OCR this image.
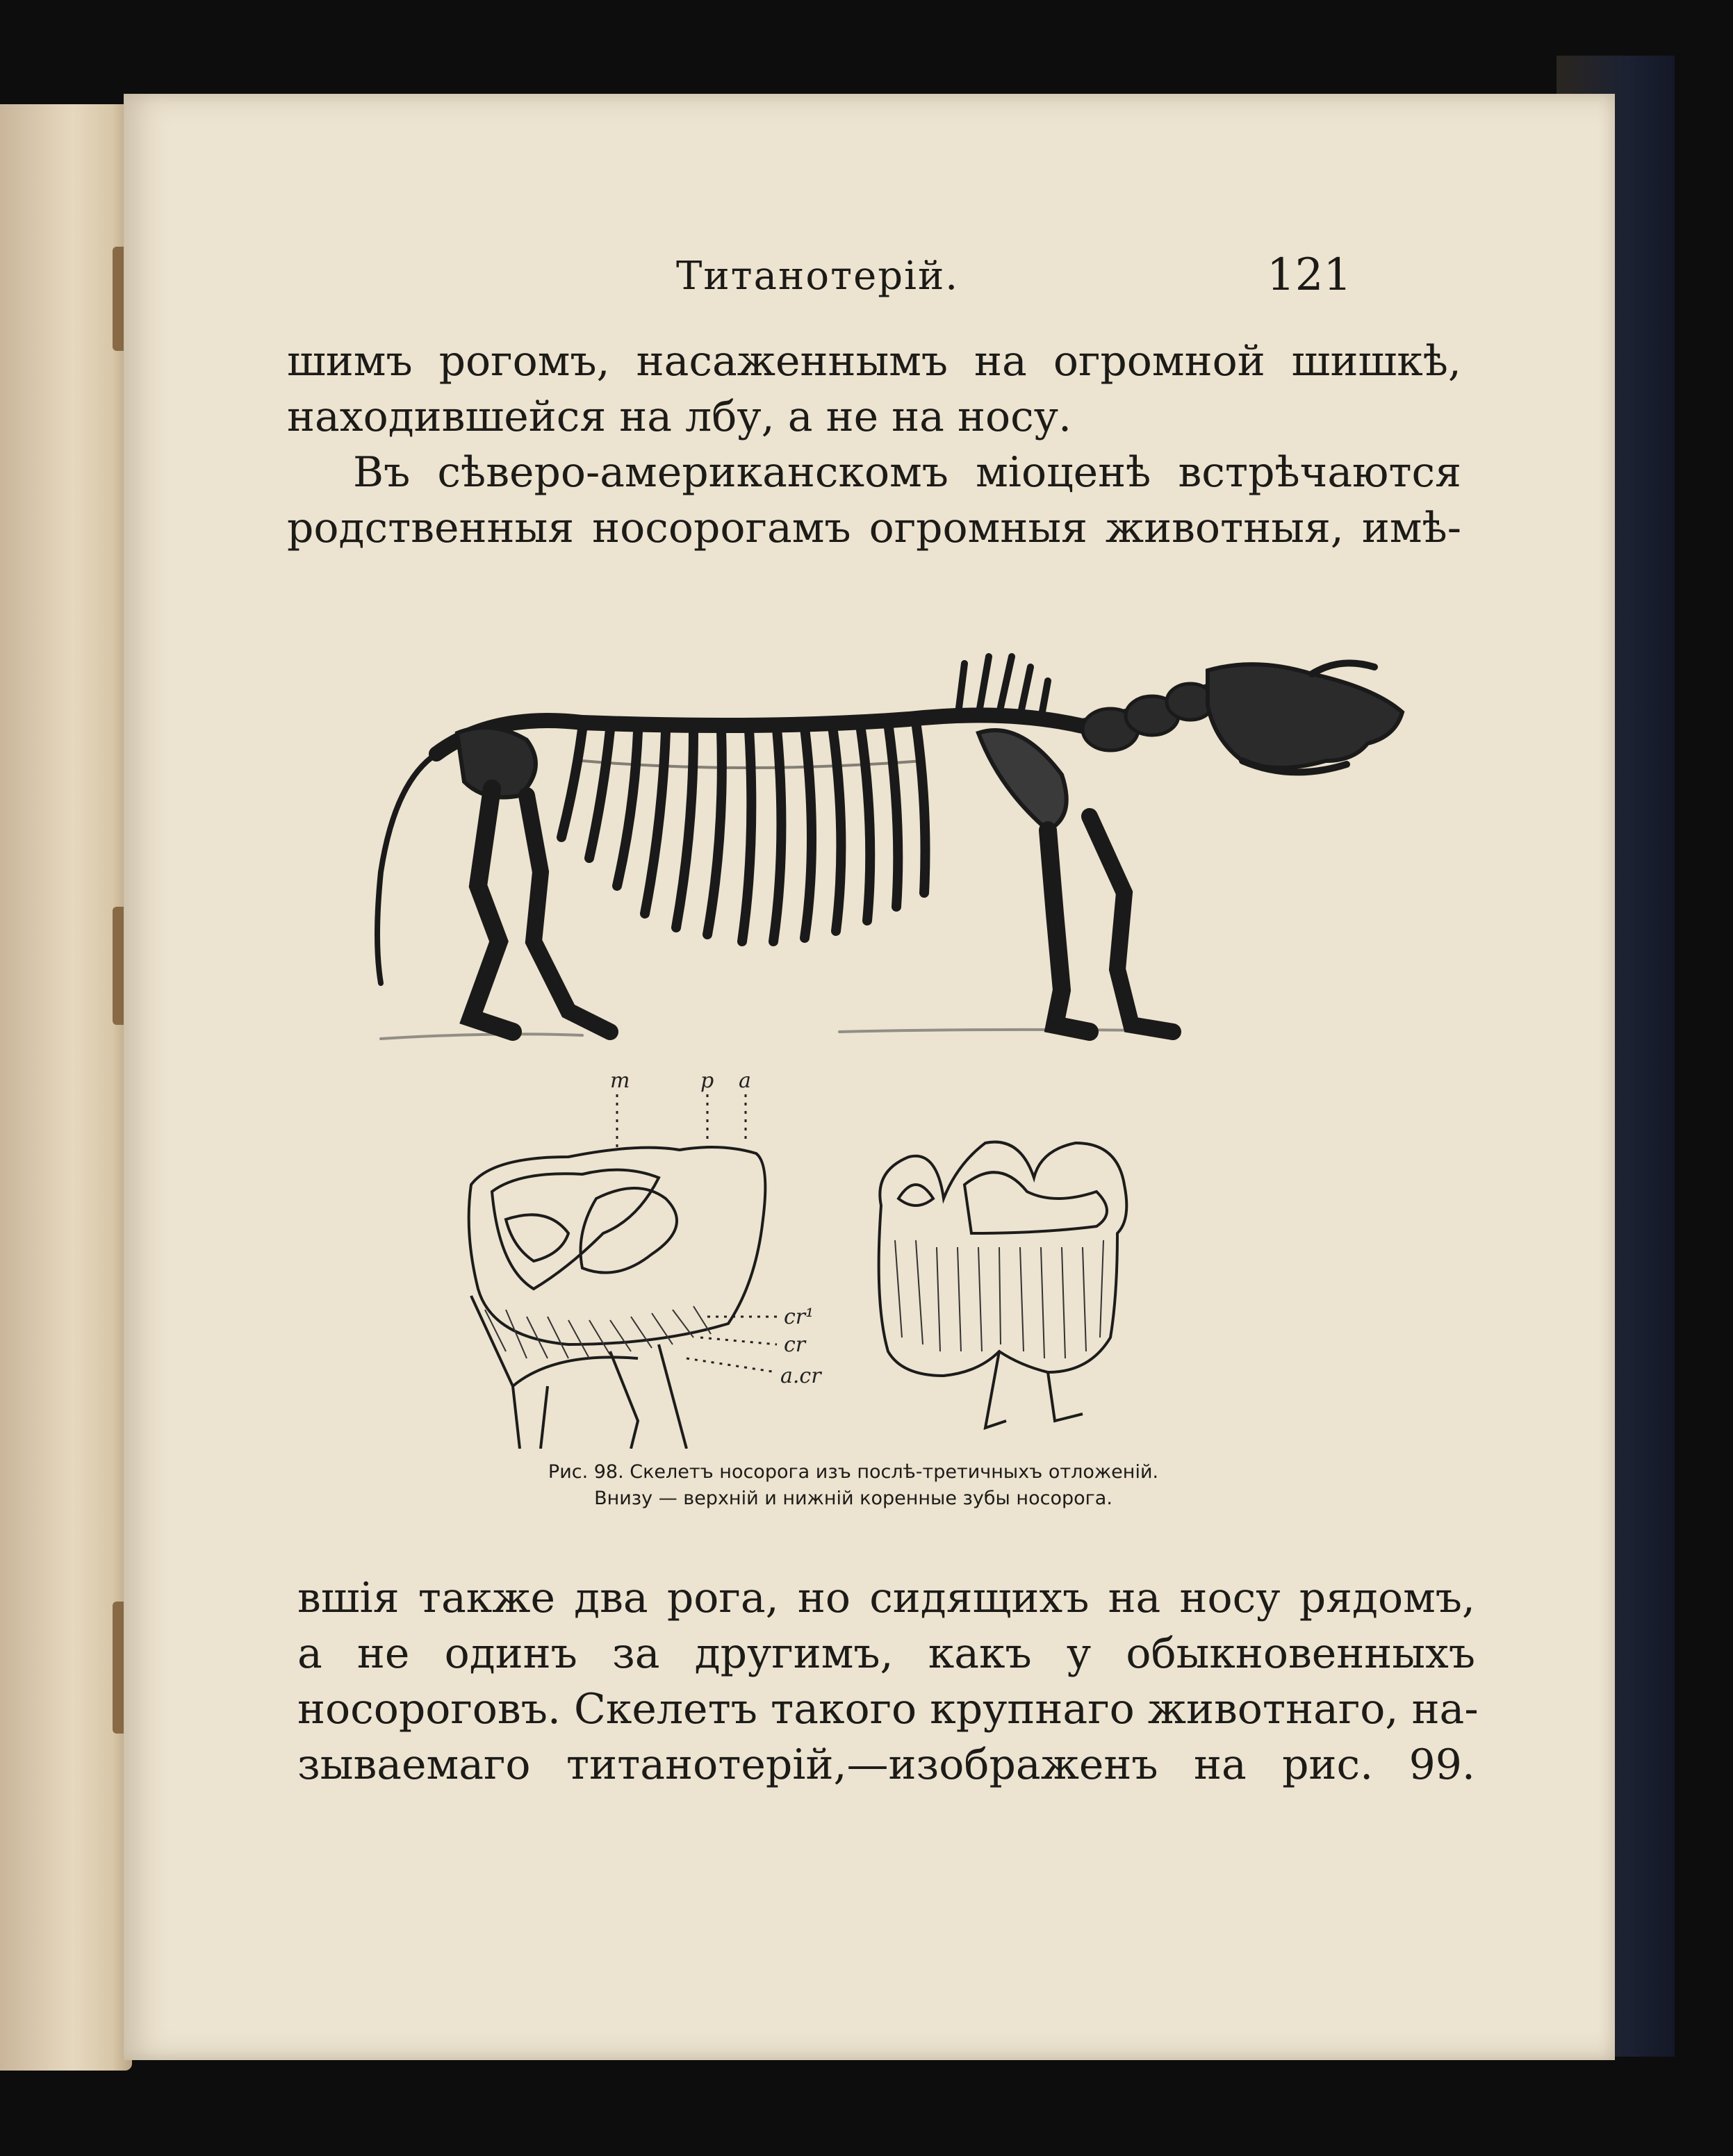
Титанотерій.	121
шимъ рогомъ, насаженнымъ на огромной шишкѣ,
находившейся на лбу, а не на носу.
Въ сѣверо-американскомъ міоценѣ встрѣчаются
родственныя носорогамъ огромныя животныя, имѣ-
m	p a
cr¹
cr
a.cr
Рис. 98. Скелетъ носорога изъ послѣ-третичныхъ отложеній.
Внизу — верхній и нижній коренные зубы носорога.
вшія также два рога, но сидящихъ на носу рядомъ,
а не одинъ за другимъ, какъ у обыкновенныхъ
носороговъ. Скелетъ такого крупнаго животнаго, на-
зываемаго титанотерій,—изображенъ на рис. 99.
